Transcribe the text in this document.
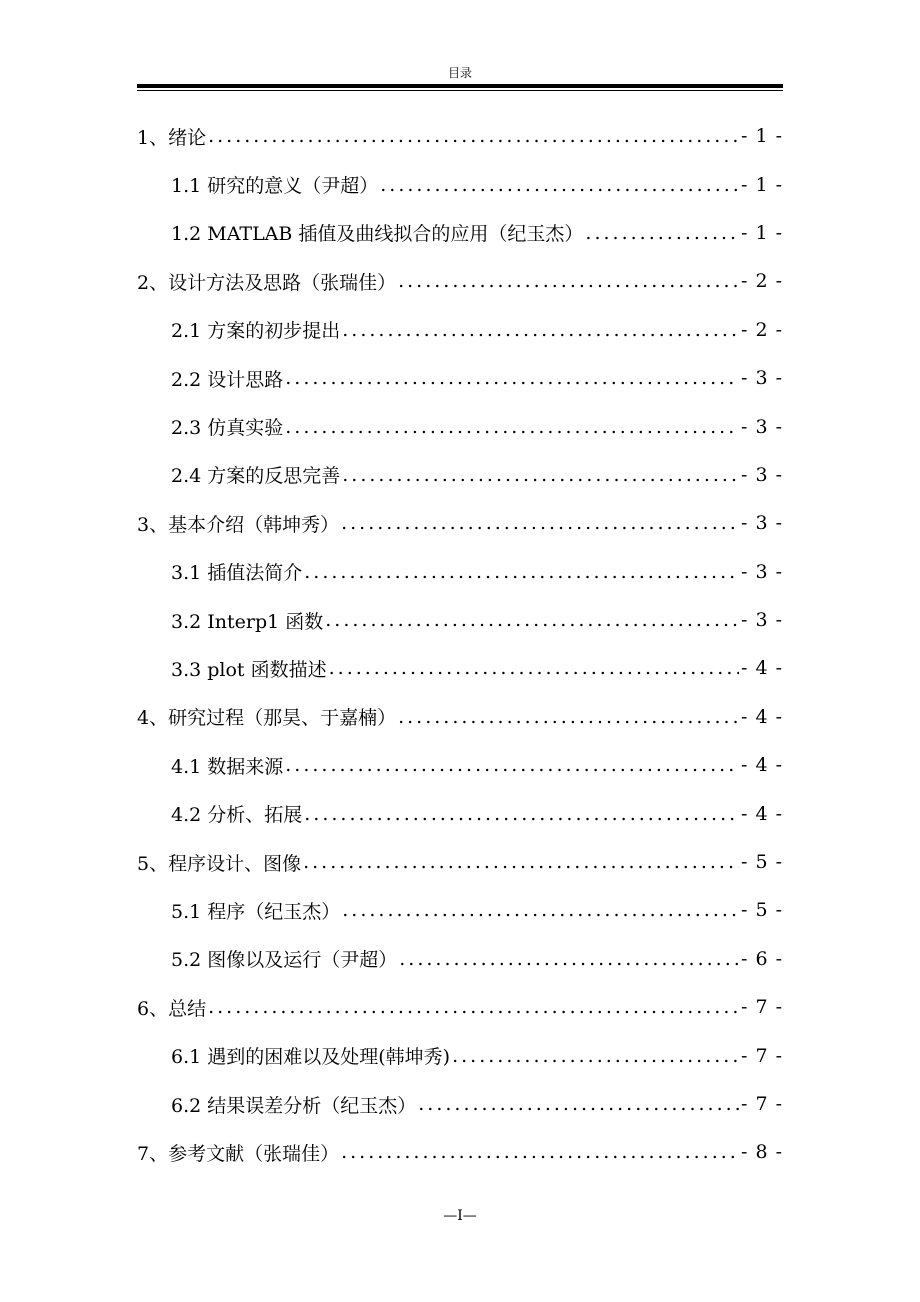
目录
1、绪论 .....	- 1 -
1.1 研究的意义（尹超） .....	- 1 -
1.2 MATLAB 插值及曲线拟合的应用（纪玉杰） .....	- 1 -
2、设计方法及思路（张瑞佳） .....	- 2 -
2.1 方案的初步提出 .....	- 2 -
2.2 设计思路 .....	- 3 -
2.3 仿真实验 .....	- 3 -
2.4 方案的反思完善 .....	- 3 -
3、基本介绍（韩坤秀） .....	- 3 -
3.1 插值法简介 .....	- 3 -
3.2 Interp1 函数 .....	- 3 -
3.3 plot 函数描述 .....	- 4 -
4、研究过程（那昊、于嘉楠） .....	- 4 -
4.1 数据来源 .....	- 4 -
4.2 分析、拓展 .....	- 4 -
5、程序设计、图像 .....	- 5 -
5.1 程序（纪玉杰） .....	- 5 -
5.2 图像以及运行（尹超） .....	- 6 -
6、总结 .....	- 7 -
6.1 遇到的困难以及处理(韩坤秀) .....	- 7 -
6.2 结果误差分析（纪玉杰） .....	- 7 -
7、参考文献（张瑞佳） .....	- 8 -
—I—
